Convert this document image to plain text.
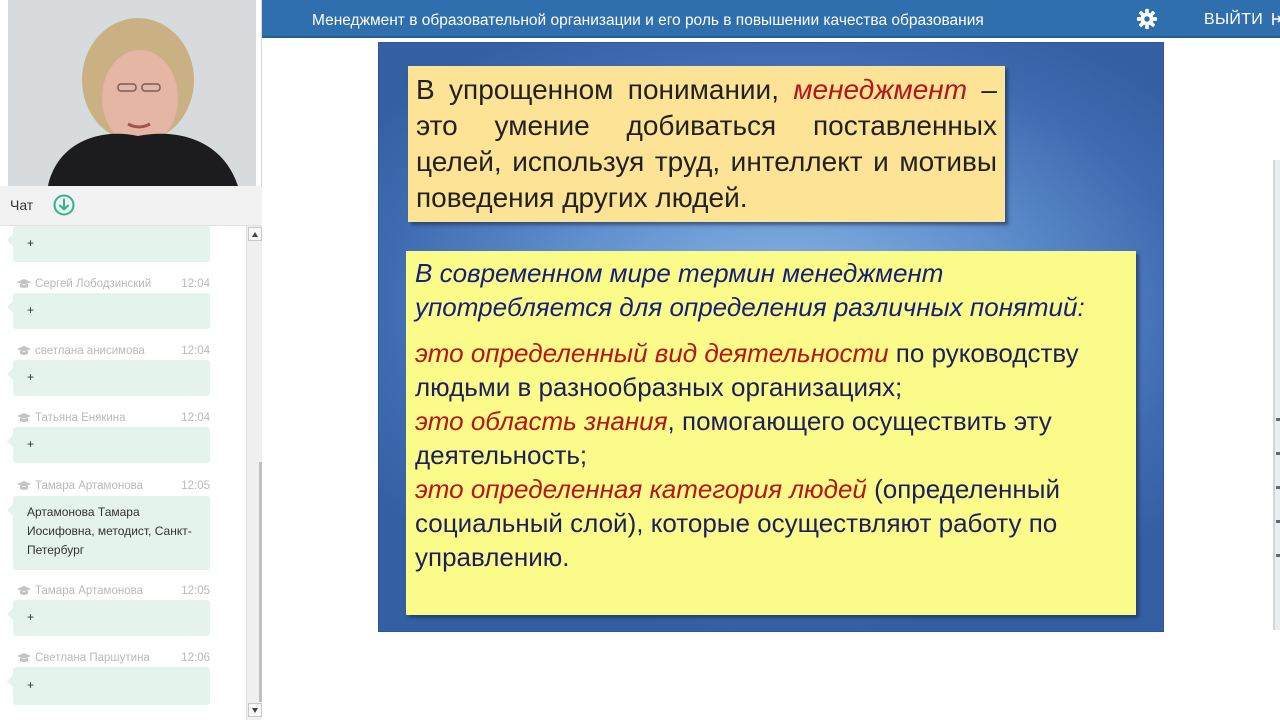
Чат
+
Сергей Лободзинский	12:04
+
светлана анисимова	12:04
+
Татьяна Енякина	12:04
+
Тамара Артамонова	12:05
Артамонова Тамара Иосифовна, методист, Санкт-Петербург
Тамара Артамонова	12:05
+
Светлана Паршутина	12:06
+
Менеджмент в образовательной организации и его роль в повышении качества образования	ВЫЙТИ
В упрощенном понимании, менеджмент – это умение добиваться поставленных целей, используя труд, интеллект и мотивы поведения других людей.
В современном мире термин менеджмент употребляется для определения различных понятий:
это определенный вид деятельности по руководству людьми в разнообразных организациях;
это область знания, помогающего осуществить эту деятельность;
это определенная категория людей (определенный социальный слой), которые осуществляют работу по управлению.
